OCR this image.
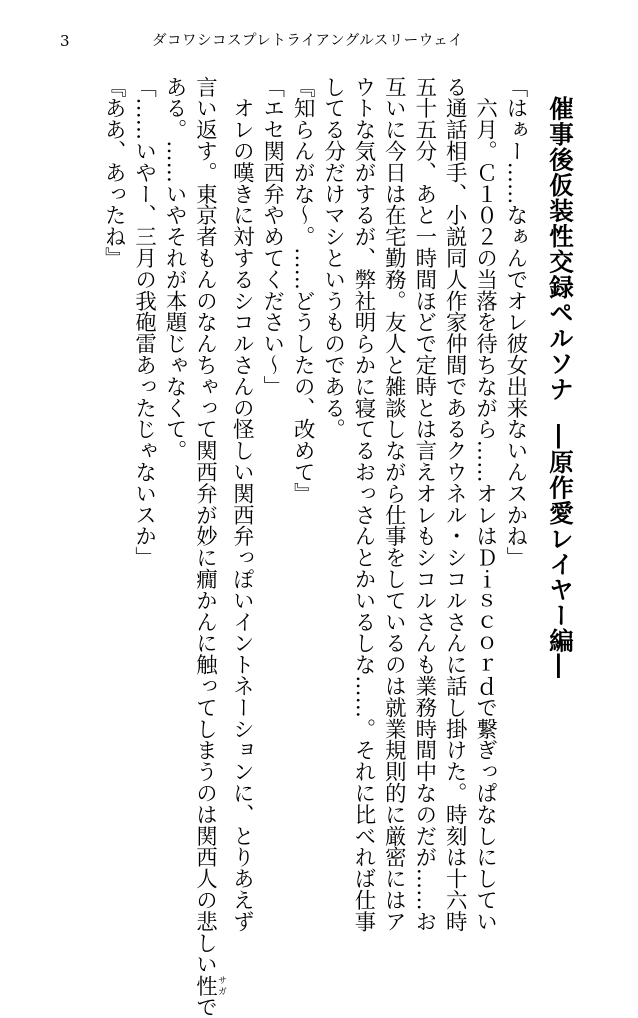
3	ダコワシコスプレトライアングルスリーウェイ
催事後仮装性交録ペルソナ―原作愛レイヤー編―
「はぁー……なぁんでオレ彼女出来ないんスかね」
　六月。Ｃ１０２の当落を待ちながら……オレはＤｉｓｃｏｒｄで繋ぎっぱなしにしてい
る通話相手、小説同人作家仲間であるクウネル・シコルさんに話し掛けた。時刻は十六時
五十五分、あと一時間ほどで定時とは言えオレもシコルさんも業務時間中なのだが……お
互いに今日は在宅勤務。友人と雑談しながら仕事をしているのは就業規則的に厳密にはア
ウトな気がするが、弊社明らかに寝てるおっさんとかいるしな……。それに比べれば仕事
してる分だけマシというものである。
『知らんがな～。……どうしたの、改めて』
「エセ関西弁やめてください～」
　オレの嘆きに対するシコルさんの怪しい関西弁っぽいイントネーションに、とりあえず
言い返す。東京者もんのなんちゃって関西弁が妙に癇かんに触ってしまうのは関西人の悲しい性サガで
ある。……いやそれが本題じゃなくて。
「……いやー、三月の我砲雷あったじゃないスか」
『ああ、あったね』
